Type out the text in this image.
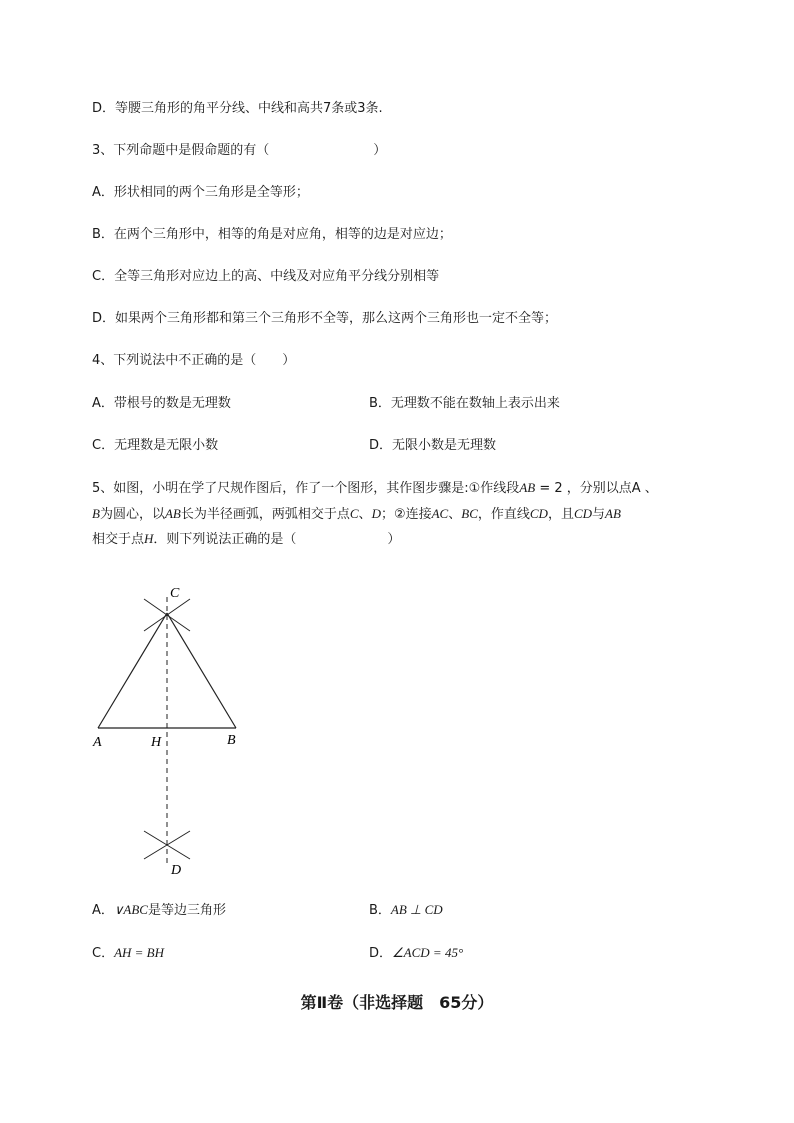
D．等腰三角形的角平分线、中线和高共7条或3条.
3、下列命题中是假命题的有（　　　　　　　　）
A．形状相同的两个三角形是全等形；
B．在两个三角形中，相等的角是对应角，相等的边是对应边；
C．全等三角形对应边上的高、中线及对应角平分线分别相等
D．如果两个三角形都和第三个三角形不全等，那么这两个三角形也一定不全等；
4、下列说法中不正确的是（　　）
A．带根号的数是无理数	B．无理数不能在数轴上表示出来
C．无理数是无限小数	D．无限小数是无理数
5、如图，小明在学了尺规作图后，作了一个图形，其作图步骤是:①作线段AB = 2 ，分别以点A 、
B为圆心，以AB长为半径画弧，两弧相交于点C、D；②连接AC、BC，作直线CD，且CD与AB
相交于点H．则下列说法正确的是（　　　　　　　）
C
A	H	B
D
A．∨ABC是等边三角形	B．AB ⊥ CD
C．AH = BH	D．∠ACD = 45°
第Ⅱ卷（非选择题　65分）
